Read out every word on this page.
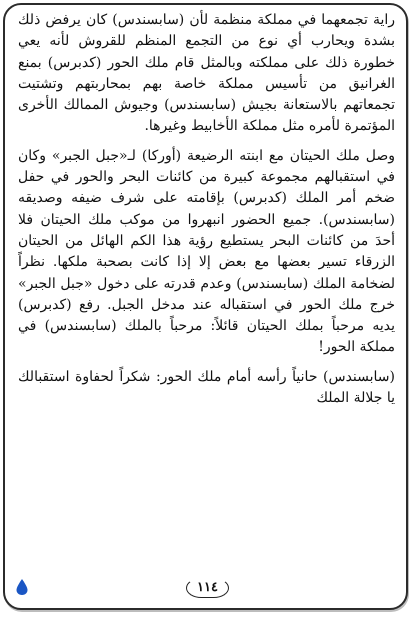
راية تجمعهما في مملكة منظمة لأن (سابسندس) كان يرفض ذلك بشدة ويحارب أي نوع من التجمع المنظم للقروش لأنه يعي خطورة ذلك على مملكته وبالمثل قام ملك الحور (كدبرس) بمنع الغرانيق من تأسيس مملكة خاصة بهم بمحاربتهم وتشتيت تجمعاتهم بالاستعانة بجيش (سابسندس) وجيوش الممالك الأخرى المؤتمرة لأمره مثل مملكة الأخابيط وغيرها.

وصل ملك الحيتان مع ابنته الرضيعة (أوركا) لـ«جبل الجبر» وكان في استقبالهم مجموعة كبيرة من كائنات البحر والحور في حفل ضخم أمر الملك (كدبرس) بإقامته على شرف ضيفه وصديقه (سابسندس). جميع الحضور انبهروا من موكب ملك الحيتان فلا أحدَ من كائنات البحر يستطيع رؤية هذا الكم الهائل من الحيتان الزرقاء تسير بعضها مع بعض إلا إذا كانت بصحبة ملكها. نظراً لضخامة الملك (سابسندس) وعدم قدرته على دخول «جبل الجبر» خرج ملك الحور في استقباله عند مدخل الجبل. رفع (كدبرس) يديه مرحباً بملك الحيتان قائلاً: مرحباً بالملك (سابسندس) في مملكة الحور!

(سابسندس) حانياً رأسه أمام ملك الحور: شكراً لحفاوة استقبالك يا جلالة الملك

١١٤
